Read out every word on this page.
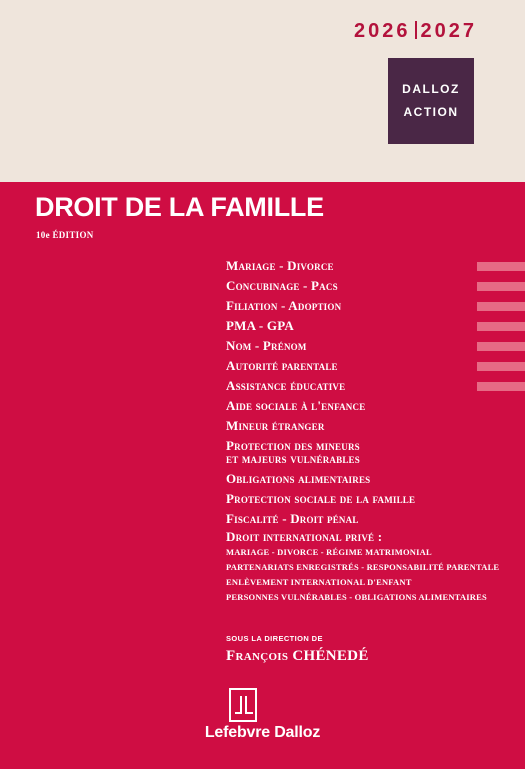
2026 2027
DALLOZ
ACTION
DROIT DE LA FAMILLE
10e ÉDITION
Mariage - Divorce
Concubinage - Pacs
Filiation - Adoption
PMA - GPA
Nom - Prénom
Autorité parentale
Assistance éducative
Aide sociale à l'enfance
Mineur étranger
Protection des mineurs
et majeurs vulnérables
Obligations alimentaires
Protection sociale de la famille
Fiscalité - Droit pénal
Droit international privé :
MARIAGE - DIVORCE - RÉGIME MATRIMONIAL
PARTENARIATS ENREGISTRÉS - RESPONSABILITÉ PARENTALE
ENLÈVEMENT INTERNATIONAL D'ENFANT
PERSONNES VULNÉRABLES - OBLIGATIONS ALIMENTAIRES
SOUS LA DIRECTION DE
François CHÉNEDÉ
Lefebvre Dalloz
